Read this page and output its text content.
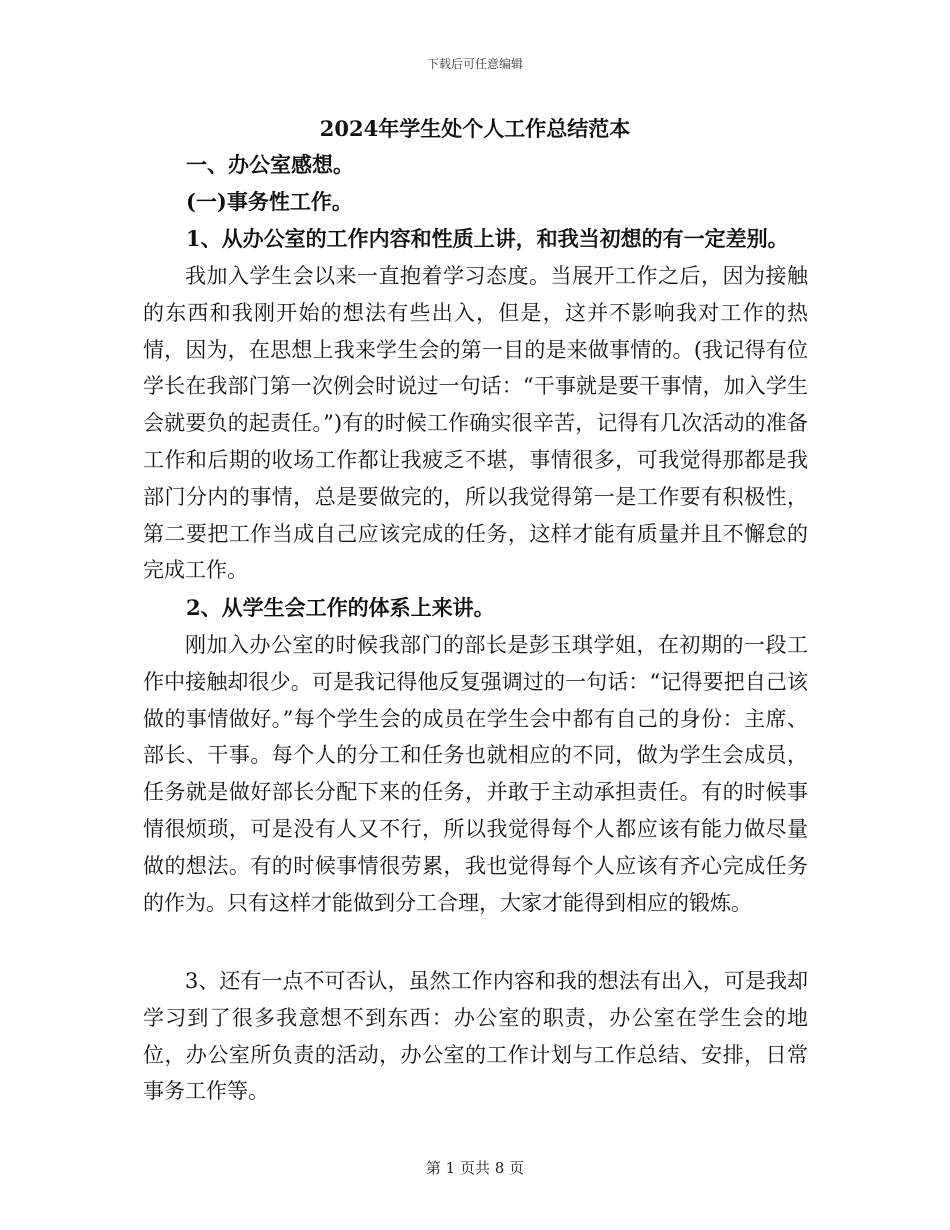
下载后可任意编辑
2024年学生处个人工作总结范本
一、办公室感想。
(一)事务性工作。
1、从办公室的工作内容和性质上讲，和我当初想的有一定差别。
我加入学生会以来一直抱着学习态度。当展开工作之后，因为接触的东西和我刚开始的想法有些出入，但是，这并不影响我对工作的热情，因为，在思想上我来学生会的第一目的是来做事情的。(我记得有位学长在我部门第一次例会时说过一句话：“干事就是要干事情，加入学生会就要负的起责任。”)有的时候工作确实很辛苦，记得有几次活动的准备工作和后期的收场工作都让我疲乏不堪，事情很多，可我觉得那都是我部门分内的事情，总是要做完的，所以我觉得第一是工作要有积极性，第二要把工作当成自己应该完成的任务，这样才能有质量并且不懈怠的完成工作。
2、从学生会工作的体系上来讲。
刚加入办公室的时候我部门的部长是彭玉琪学姐，在初期的一段工作中接触却很少。可是我记得他反复强调过的一句话：“记得要把自己该做的事情做好。”每个学生会的成员在学生会中都有自己的身份：主席、部长、干事。每个人的分工和任务也就相应的不同，做为学生会成员，任务就是做好部长分配下来的任务，并敢于主动承担责任。有的时候事情很烦琐，可是没有人又不行，所以我觉得每个人都应该有能力做尽量做的想法。有的时候事情很劳累，我也觉得每个人应该有齐心完成任务的作为。只有这样才能做到分工合理，大家才能得到相应的锻炼。
3、还有一点不可否认，虽然工作内容和我的想法有出入，可是我却学习到了很多我意想不到东西：办公室的职责，办公室在学生会的地位，办公室所负责的活动，办公室的工作计划与工作总结、安排，日常事务工作等。
第 1 页共 8 页
